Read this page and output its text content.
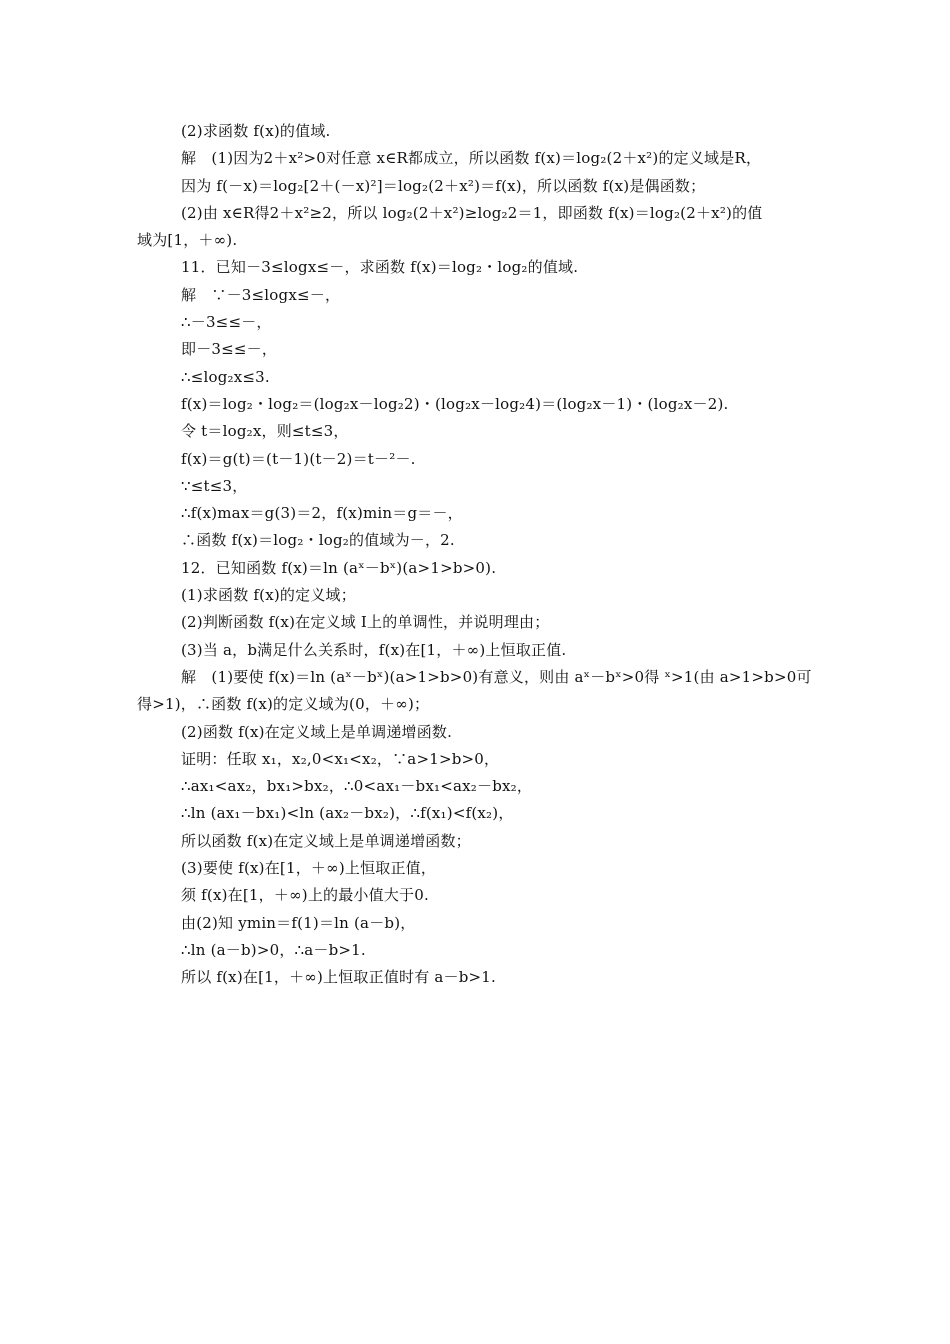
(2)求函数 f(x)的值域.
解　(1)因为2＋x²>0对任意 x∈R都成立，所以函数 f(x)＝log₂(2＋x²)的定义域是R，
因为 f(－x)＝log₂[2＋(－x)²]＝log₂(2＋x²)＝f(x)，所以函数 f(x)是偶函数；
(2)由 x∈R得2＋x²≥2，所以 log₂(2＋x²)≥log₂2＝1，即函数 f(x)＝log₂(2＋x²)的值
域为[1，＋∞).
11．已知－3≤logx≤－，求函数 f(x)＝log₂・log₂的值域.
解　∵－3≤logx≤－，
∴－3≤≤－，
即－3≤≤－，
∴≤log₂x≤3.
f(x)＝log₂・log₂＝(log₂x－log₂2)・(log₂x－log₂4)＝(log₂x－1)・(log₂x－2).
令 t＝log₂x，则≤t≤3，
f(x)＝g(t)＝(t－1)(t－2)＝t－²－.
∵≤t≤3，
∴f(x)max＝g(3)＝2，f(x)min＝g＝－，
∴函数 f(x)＝log₂・log₂的值域为－，2.
12．已知函数 f(x)＝ln (aˣ－bˣ)(a>1>b>0).
(1)求函数 f(x)的定义域；
(2)判断函数 f(x)在定义域 I上的单调性，并说明理由；
(3)当 a，b满足什么关系时，f(x)在[1，＋∞)上恒取正值.
解　(1)要使 f(x)＝ln (aˣ－bˣ)(a>1>b>0)有意义，则由 aˣ－bˣ>0得 ˣ>1(由 a>1>b>0可
得>1)，∴函数 f(x)的定义域为(0，＋∞)；
(2)函数 f(x)在定义域上是单调递增函数.
证明：任取 x₁，x₂,0<x₁<x₂，∵a>1>b>0，
∴ax₁<ax₂，bx₁>bx₂，∴0<ax₁－bx₁<ax₂－bx₂，
∴ln (ax₁－bx₁)<ln (ax₂－bx₂)，∴f(x₁)<f(x₂)，
所以函数 f(x)在定义域上是单调递增函数；
(3)要使 f(x)在[1，＋∞)上恒取正值，
须 f(x)在[1，＋∞)上的最小值大于0.
由(2)知 ymin＝f(1)＝ln (a－b)，
∴ln (a－b)>0，∴a－b>1.
所以 f(x)在[1，＋∞)上恒取正值时有 a－b>1.
